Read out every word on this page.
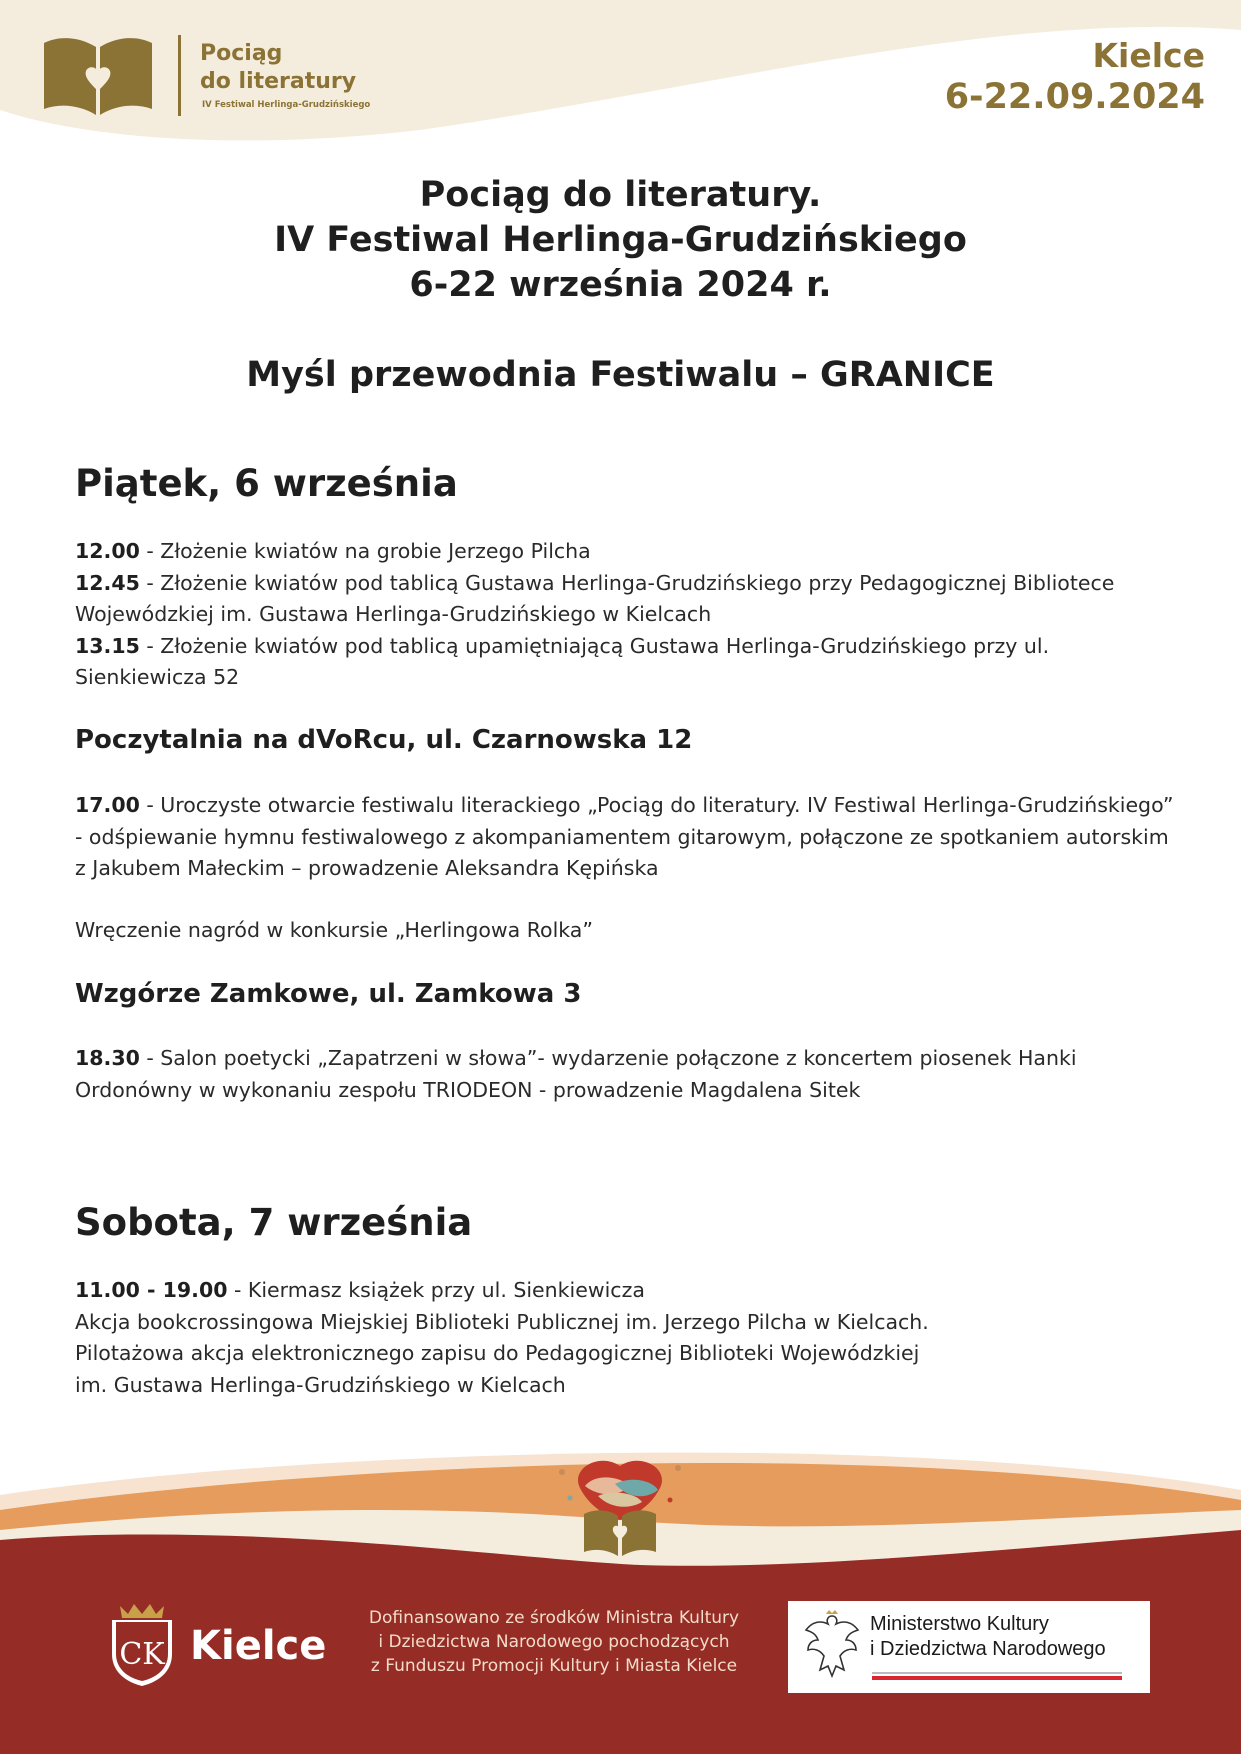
Pociąg
do literatury
IV Festiwal Herlinga-Grudzińskiego
Kielce
6-22.09.2024
Pociąg do literatury.
IV Festiwal Herlinga-Grudzińskiego
6-22 września 2024 r.
Myśl przewodnia Festiwalu – GRANICE
Piątek, 6 września
12.00 - Złożenie kwiatów na grobie Jerzego Pilcha
12.45 - Złożenie kwiatów pod tablicą Gustawa Herlinga-Grudzińskiego przy Pedagogicznej Bibliotece Wojewódzkiej im. Gustawa Herlinga-Grudzińskiego w Kielcach
13.15 - Złożenie kwiatów pod tablicą upamiętniającą Gustawa Herlinga-Grudzińskiego przy ul. Sienkiewicza 52
Poczytalnia na dVoRcu, ul. Czarnowska 12
17.00 - Uroczyste otwarcie festiwalu literackiego „Pociąg do literatury. IV Festiwal Herlinga-Grudzińskiego” - odśpiewanie hymnu festiwalowego z akompaniamentem gitarowym, połączone ze spotkaniem autorskim z Jakubem Małeckim – prowadzenie Aleksandra Kępińska
Wręczenie nagród w konkursie „Herlingowa Rolka”
Wzgórze Zamkowe, ul. Zamkowa 3
18.30 - Salon poetycki „Zapatrzeni w słowa”- wydarzenie połączone z koncertem piosenek Hanki Ordonówny w wykonaniu zespołu TRIODEON - prowadzenie Magdalena Sitek
Sobota, 7 września
11.00 - 19.00 - Kiermasz książek przy ul. Sienkiewicza
Akcja bookcrossingowa Miejskiej Biblioteki Publicznej im. Jerzego Pilcha w Kielcach.
Pilotażowa akcja elektronicznego zapisu do Pedagogicznej Biblioteki Wojewódzkiej
im. Gustawa Herlinga-Grudzińskiego w Kielcach
CK Kielce
Dofinansowano ze środków Ministra Kultury
i Dziedzictwa Narodowego pochodzących
z Funduszu Promocji Kultury i Miasta Kielce
Ministerstwo Kultury
i Dziedzictwa Narodowego
